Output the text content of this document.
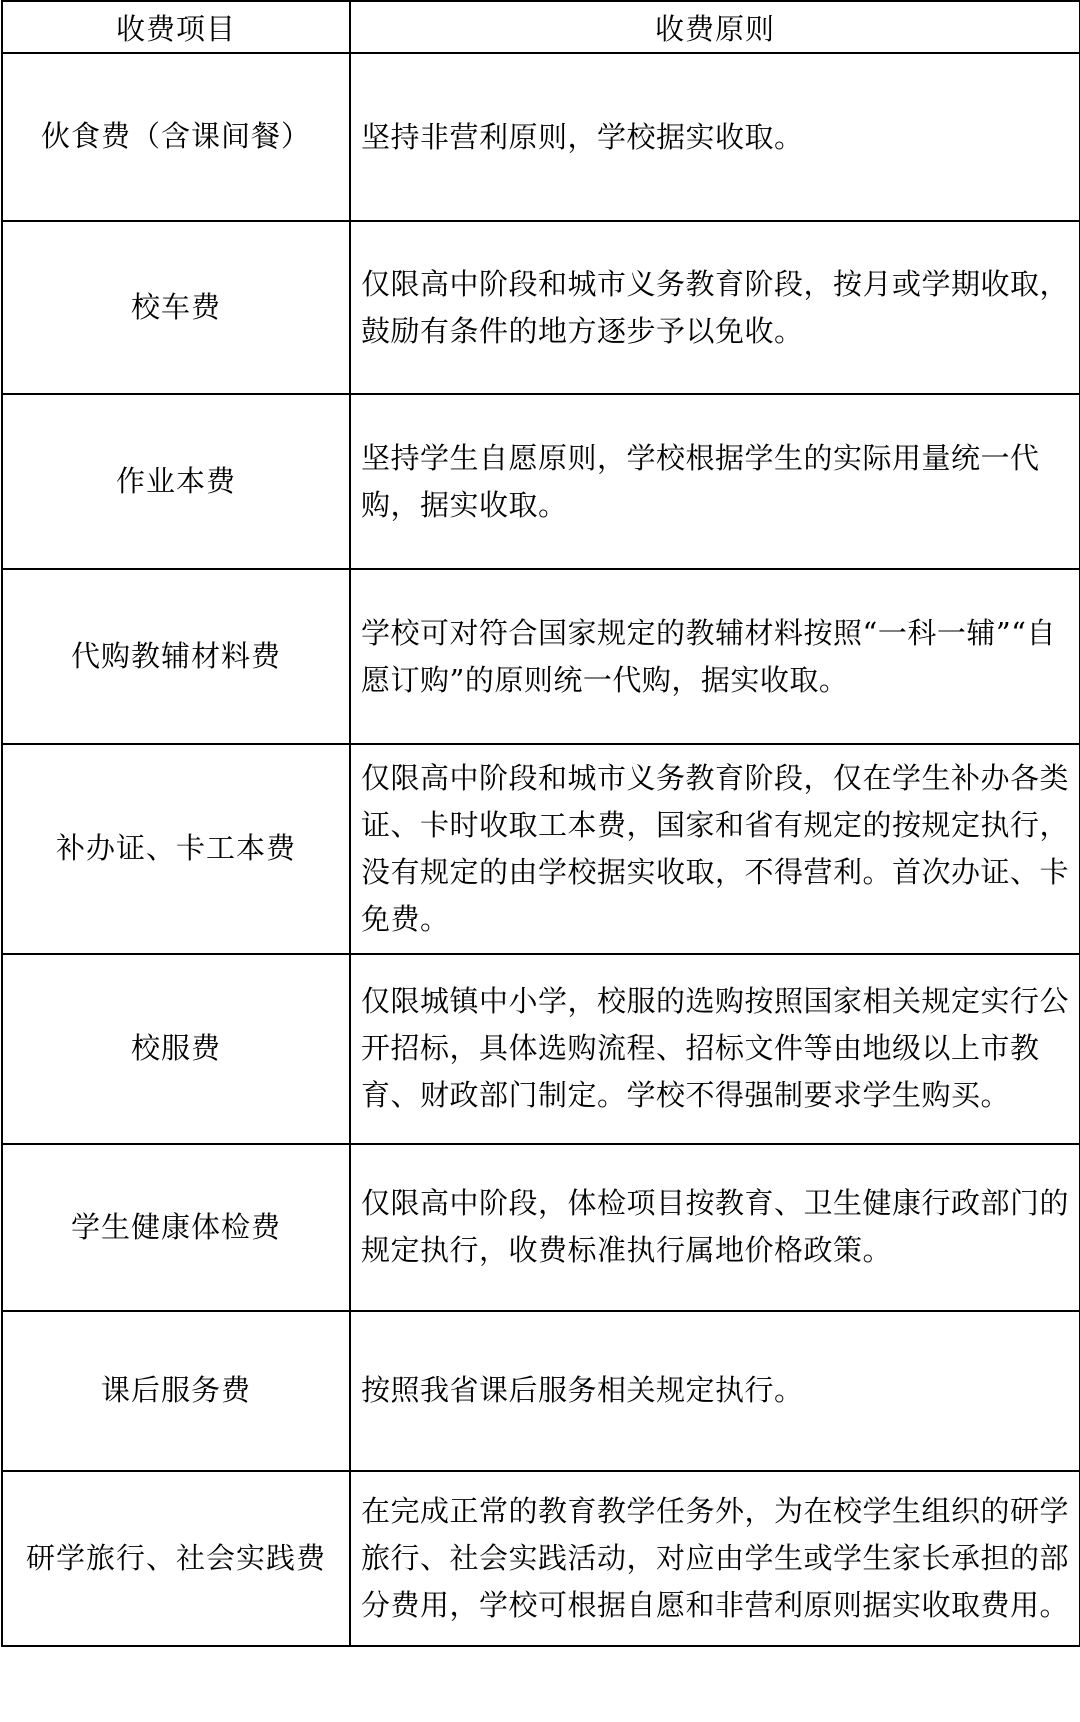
收费项目	收费原则
伙食费（含课间餐）	坚持非营利原则，学校据实收取。
校车费	仅限高中阶段和城市义务教育阶段，按月或学期收取，鼓励有条件的地方逐步予以免收。
作业本费	坚持学生自愿原则，学校根据学生的实际用量统一代购，据实收取。
代购教辅材料费	学校可对符合国家规定的教辅材料按照“一科一辅”“自愿订购”的原则统一代购，据实收取。
补办证、卡工本费	仅限高中阶段和城市义务教育阶段，仅在学生补办各类证、卡时收取工本费，国家和省有规定的按规定执行，没有规定的由学校据实收取，不得营利。首次办证、卡免费。
校服费	仅限城镇中小学，校服的选购按照国家相关规定实行公开招标，具体选购流程、招标文件等由地级以上市教育、财政部门制定。学校不得强制要求学生购买。
学生健康体检费	仅限高中阶段，体检项目按教育、卫生健康行政部门的规定执行，收费标准执行属地价格政策。
课后服务费	按照我省课后服务相关规定执行。
研学旅行、社会实践费	在完成正常的教育教学任务外，为在校学生组织的研学旅行、社会实践活动，对应由学生或学生家长承担的部分费用，学校可根据自愿和非营利原则据实收取费用。
